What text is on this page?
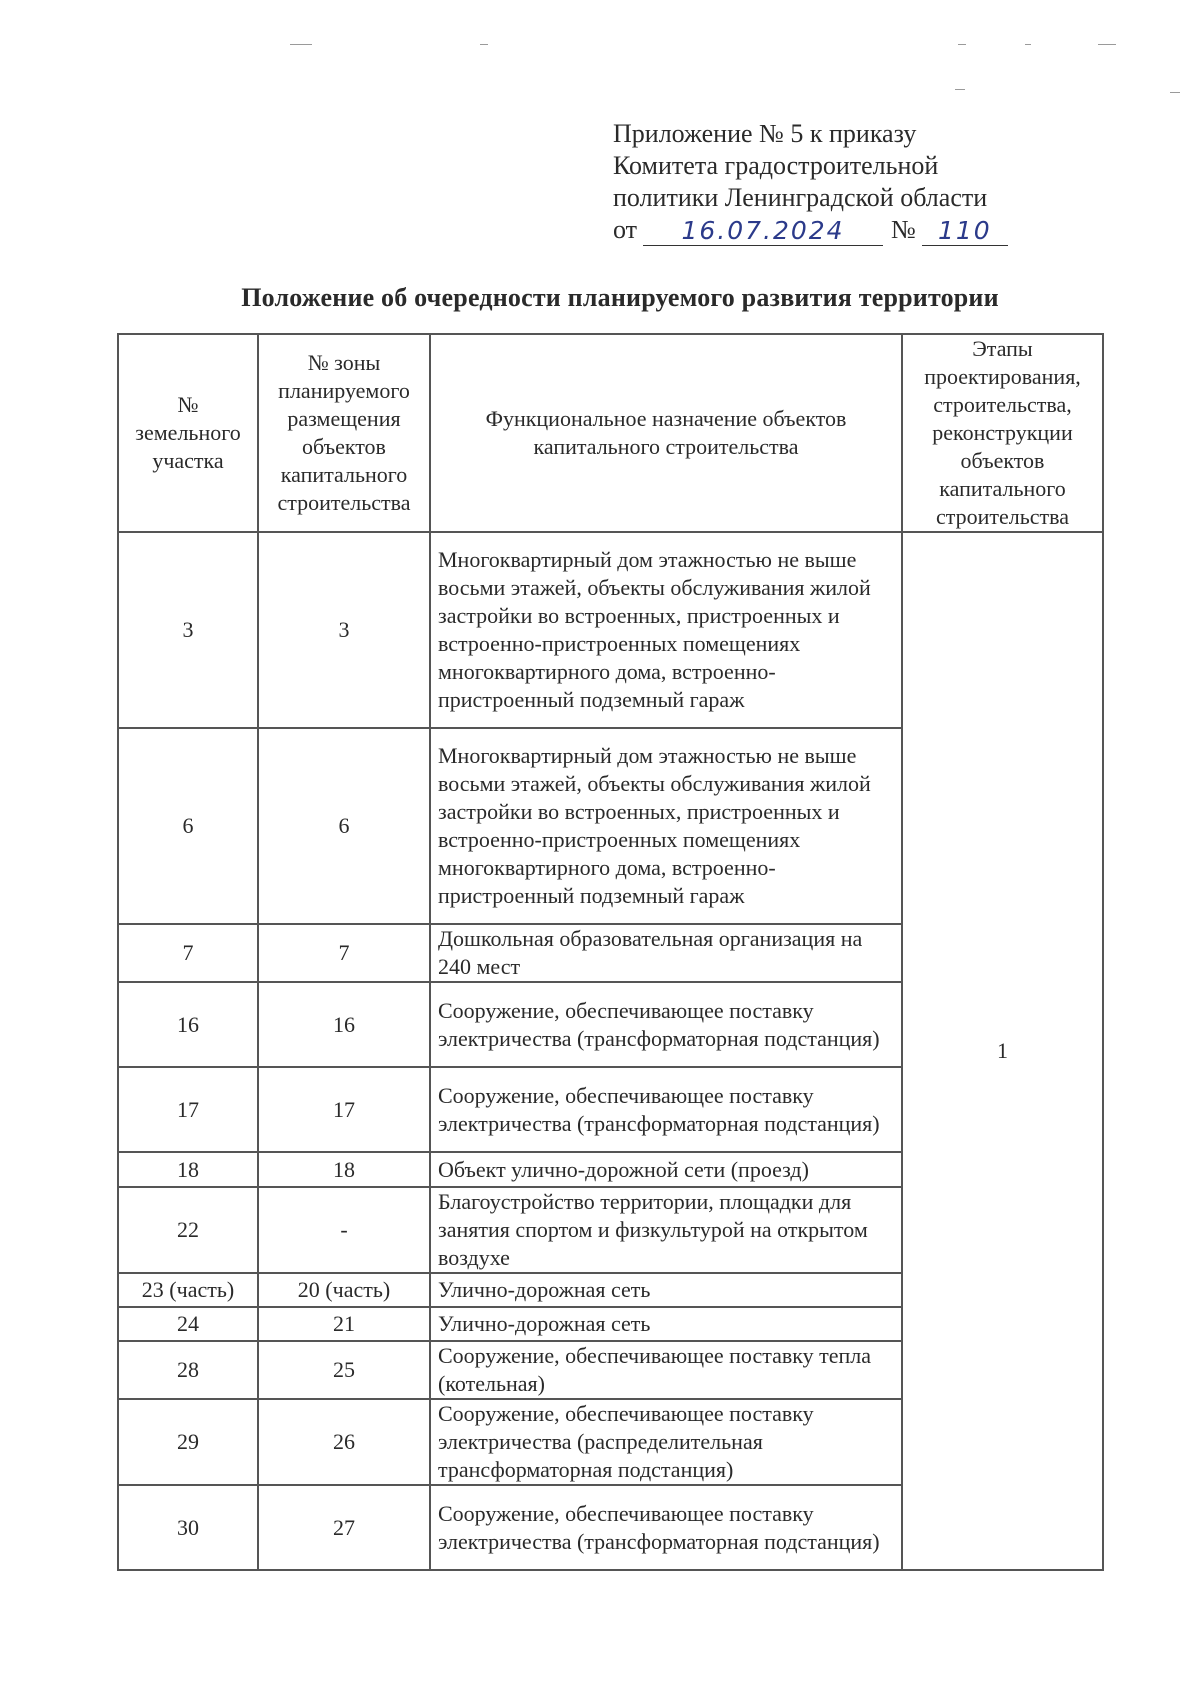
Приложение № 5 к приказу
Комитета градостроительной
политики Ленинградской области
от	16.07.2024	№ 110
Положение об очередности планируемого развития территории
№ земельного участка	№ зоны планируемого размещения объектов капитального строительства	Функциональное назначение объектов капитального строительства	Этапы проектирования, строительства, реконструкции объектов капитального строительства
3	3	Многоквартирный дом этажностью не выше восьми этажей, объекты обслуживания жилой застройки во встроенных, пристроенных и встроенно-пристроенных помещениях многоквартирного дома, встроенно-пристроенный подземный гараж	1
6	6	Многоквартирный дом этажностью не выше восьми этажей, объекты обслуживания жилой застройки во встроенных, пристроенных и встроенно-пристроенных помещениях многоквартирного дома, встроенно-пристроенный подземный гараж	
7	7	Дошкольная образовательная организация на 240 мест	
16	16	Сооружение, обеспечивающее поставку электричества (трансформаторная подстанция)	
17	17	Сооружение, обеспечивающее поставку электричества (трансформаторная подстанция)	
18	18	Объект улично-дорожной сети (проезд)	
22	-	Благоустройство территории, площадки для занятия спортом и физкультурой на открытом воздухе	
23 (часть)	20 (часть)	Улично-дорожная сеть	
24	21	Улично-дорожная сеть	
28	25	Сооружение, обеспечивающее поставку тепла (котельная)	
29	26	Сооружение, обеспечивающее поставку электричества (распределительная трансформаторная подстанция)	
30	27	Сооружение, обеспечивающее поставку электричества (трансформаторная подстанция)	
